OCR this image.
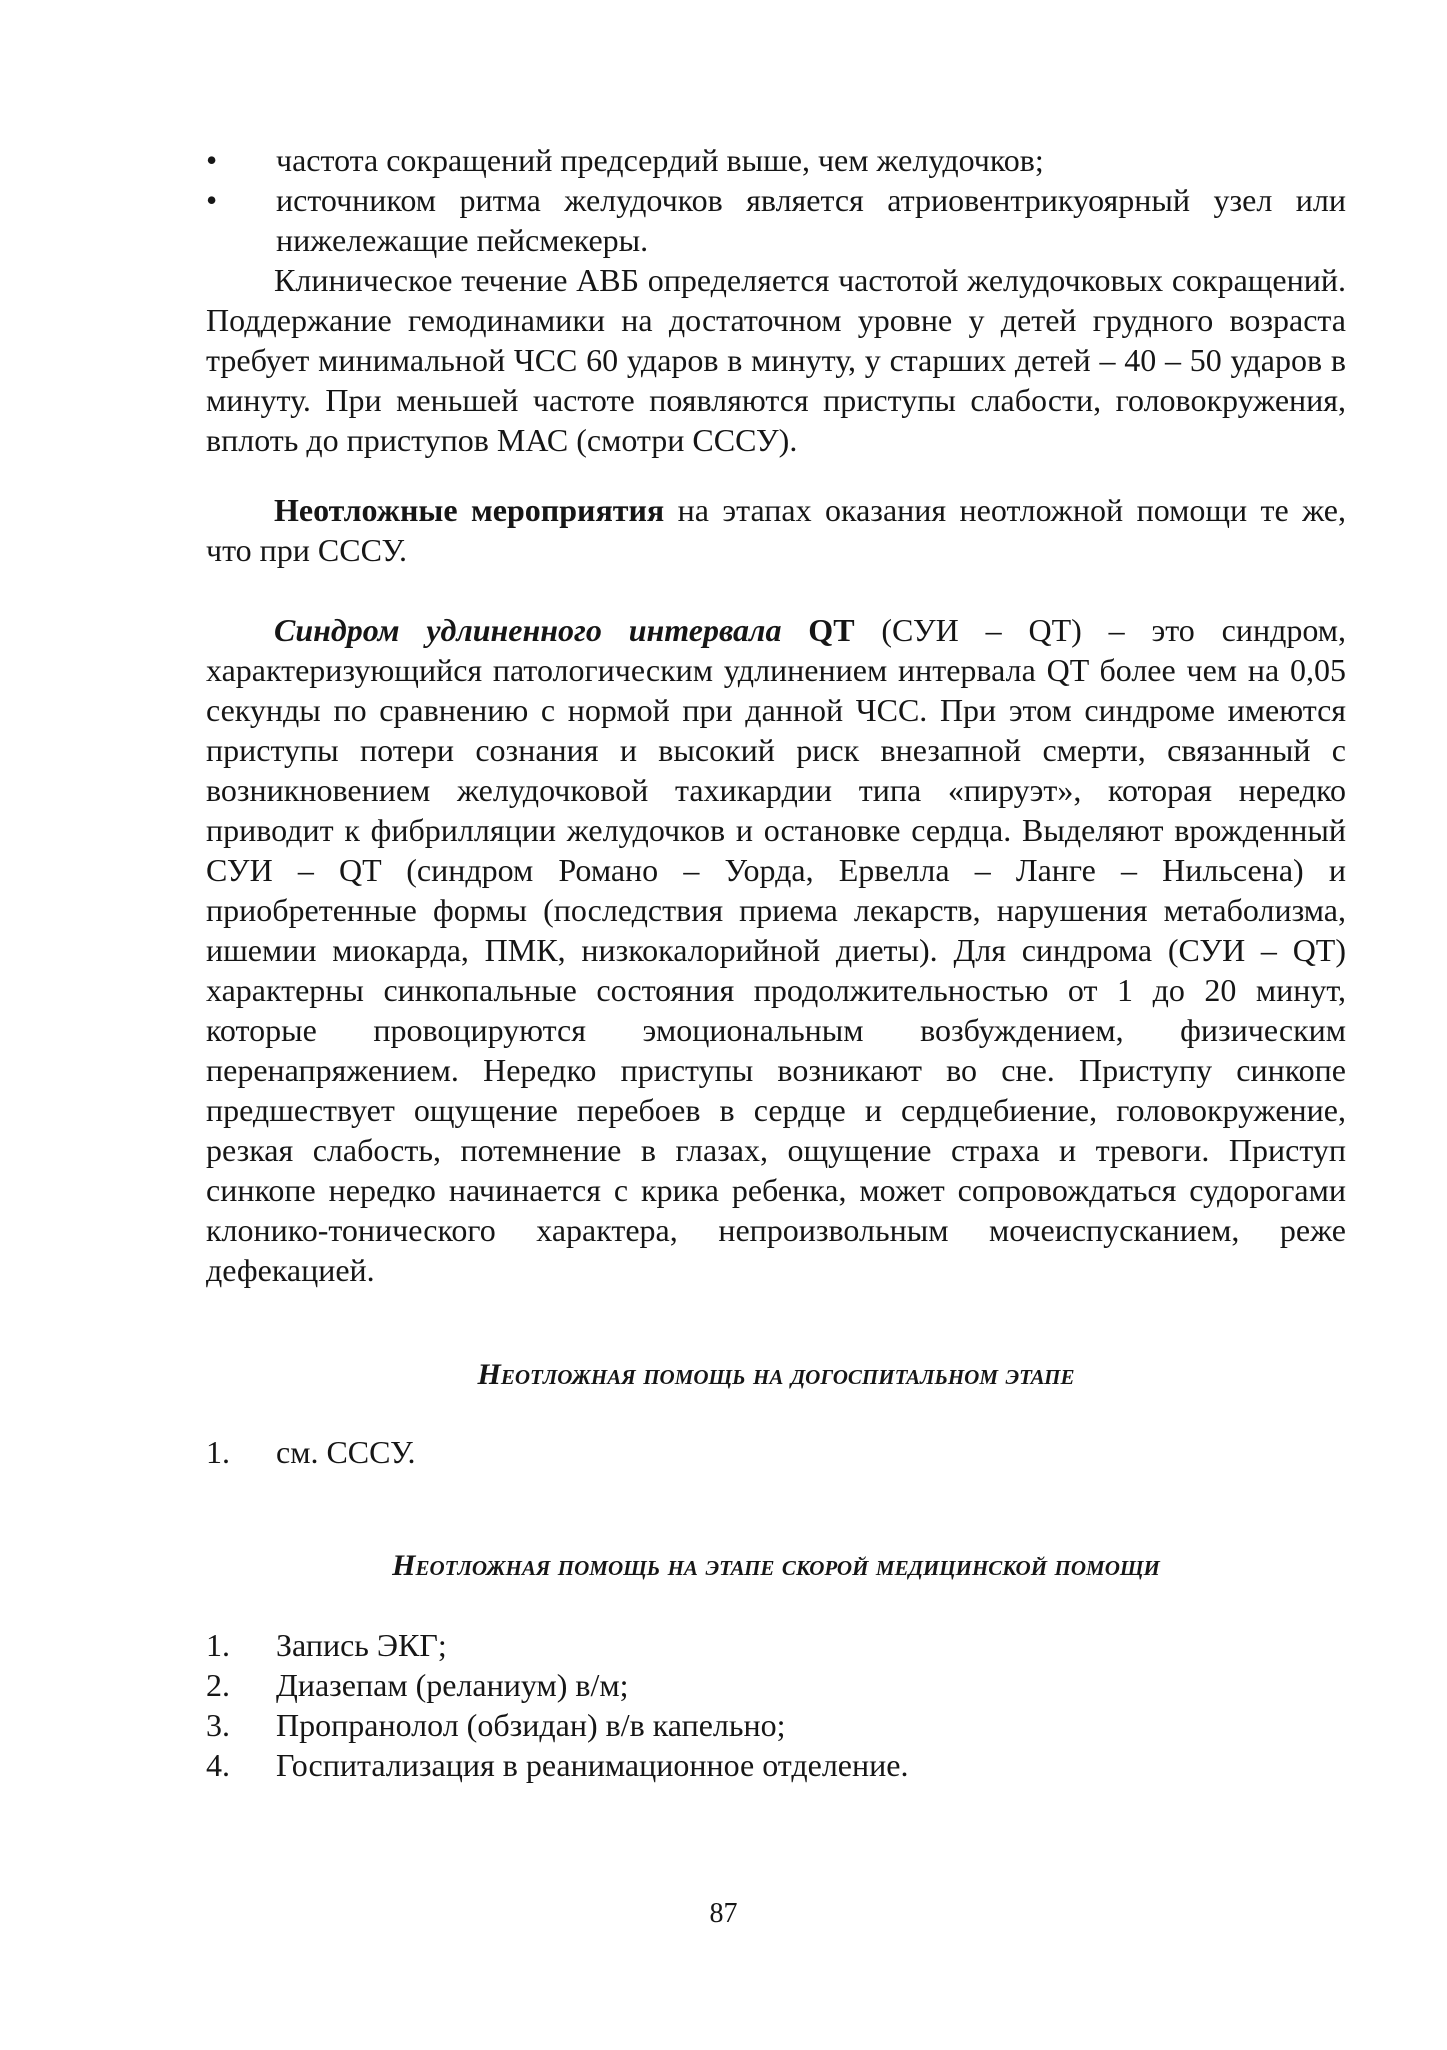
•	частота сокращений предсердий выше, чем желудочков;
•	источником ритма желудочков является атриовентрикуоярный узел или нижележащие пейсмекеры.

Клиническое течение АВБ определяется частотой желудочковых сокращений. Поддержание гемодинамики на достаточном уровне у детей грудного возраста требует минимальной ЧСС 60 ударов в минуту, у старших детей – 40 – 50 ударов в минуту. При меньшей частоте появляются приступы слабости, головокружения, вплоть до приступов МАС (смотри СССУ).

Неотложные мероприятия на этапах оказания неотложной помощи те же, что при СССУ.

Синдром удлиненного интервала QT (СУИ – QT) – это синдром, характеризующийся патологическим удлинением интервала QT более чем на 0,05 секунды по сравнению с нормой при данной ЧСС. При этом синдроме имеются приступы потери сознания и высокий риск внезапной смерти, связанный с возникновением желудочковой тахикардии типа «пируэт», которая нередко приводит к фибрилляции желудочков и остановке сердца. Выделяют врожденный СУИ – QT (синдром Романо – Уорда, Ервелла – Ланге – Нильсена) и приобретенные формы (последствия приема лекарств, нарушения метаболизма, ишемии миокарда, ПМК, низкокалорийной диеты). Для синдрома (СУИ – QT) характерны синкопальные состояния продолжительностью от 1 до 20 минут, которые провоцируются эмоциональным возбуждением, физическим перенапряжением. Нередко приступы возникают во сне. Приступу синкопе предшествует ощущение перебоев в сердце и сердцебиение, головокружение, резкая слабость, потемнение в глазах, ощущение страха и тревоги. Приступ синкопе нередко начинается с крика ребенка, может сопровождаться судорогами клонико-тонического характера, непроизвольным мочеиспусканием, реже дефекацией.

Неотложная помощь на догоспитальном этапе
1.	см. СССУ.
Неотложная помощь на этапе скорой медицинской помощи
1.	Запись ЭКГ;
2.	Диазепам (реланиум) в/м;
3.	Пропранолол (обзидан) в/в капельно;
4.	Госпитализация в реанимационное отделение.
87
